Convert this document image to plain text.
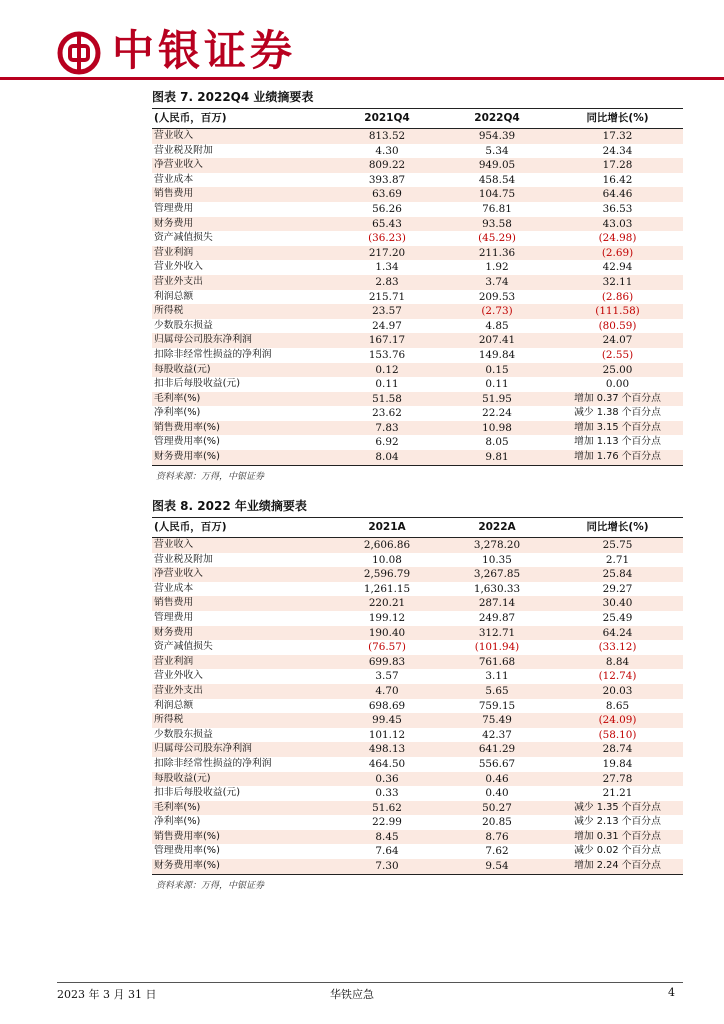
中银证券
图表 7. 2022Q4 业绩摘要表
(人民币，百万)	2021Q4	2022Q4	同比增长(%)
营业收入	813.52	954.39	17.32
营业税及附加	4.30	5.34	24.34
净营业收入	809.22	949.05	17.28
营业成本	393.87	458.54	16.42
销售费用	63.69	104.75	64.46
管理费用	56.26	76.81	36.53
财务费用	65.43	93.58	43.03
资产减值损失	(36.23)	(45.29)	(24.98)
营业利润	217.20	211.36	(2.69)
营业外收入	1.34	1.92	42.94
营业外支出	2.83	3.74	32.11
利润总额	215.71	209.53	(2.86)
所得税	23.57	(2.73)	(111.58)
少数股东损益	24.97	4.85	(80.59)
归属母公司股东净利润	167.17	207.41	24.07
扣除非经常性损益的净利润	153.76	149.84	(2.55)
每股收益(元)	0.12	0.15	25.00
扣非后每股收益(元)	0.11	0.11	0.00
毛利率(%)	51.58	51.95	增加 0.37 个百分点
净利率(%)	23.62	22.24	减少 1.38 个百分点
销售费用率(%)	7.83	10.98	增加 3.15 个百分点
管理费用率(%)	6.92	8.05	增加 1.13 个百分点
财务费用率(%)	8.04	9.81	增加 1.76 个百分点
资料来源：万得，中银证券
图表 8. 2022 年业绩摘要表
(人民币，百万)	2021A	2022A	同比增长(%)
营业收入	2,606.86	3,278.20	25.75
营业税及附加	10.08	10.35	2.71
净营业收入	2,596.79	3,267.85	25.84
营业成本	1,261.15	1,630.33	29.27
销售费用	220.21	287.14	30.40
管理费用	199.12	249.87	25.49
财务费用	190.40	312.71	64.24
资产减值损失	(76.57)	(101.94)	(33.12)
营业利润	699.83	761.68	8.84
营业外收入	3.57	3.11	(12.74)
营业外支出	4.70	5.65	20.03
利润总额	698.69	759.15	8.65
所得税	99.45	75.49	(24.09)
少数股东损益	101.12	42.37	(58.10)
归属母公司股东净利润	498.13	641.29	28.74
扣除非经常性损益的净利润	464.50	556.67	19.84
每股收益(元)	0.36	0.46	27.78
扣非后每股收益(元)	0.33	0.40	21.21
毛利率(%)	51.62	50.27	减少 1.35 个百分点
净利率(%)	22.99	20.85	减少 2.13 个百分点
销售费用率(%)	8.45	8.76	增加 0.31 个百分点
管理费用率(%)	7.64	7.62	减少 0.02 个百分点
财务费用率(%)	7.30	9.54	增加 2.24 个百分点
资料来源：万得，中银证券
2023 年 3 月 31 日	华铁应急	4
